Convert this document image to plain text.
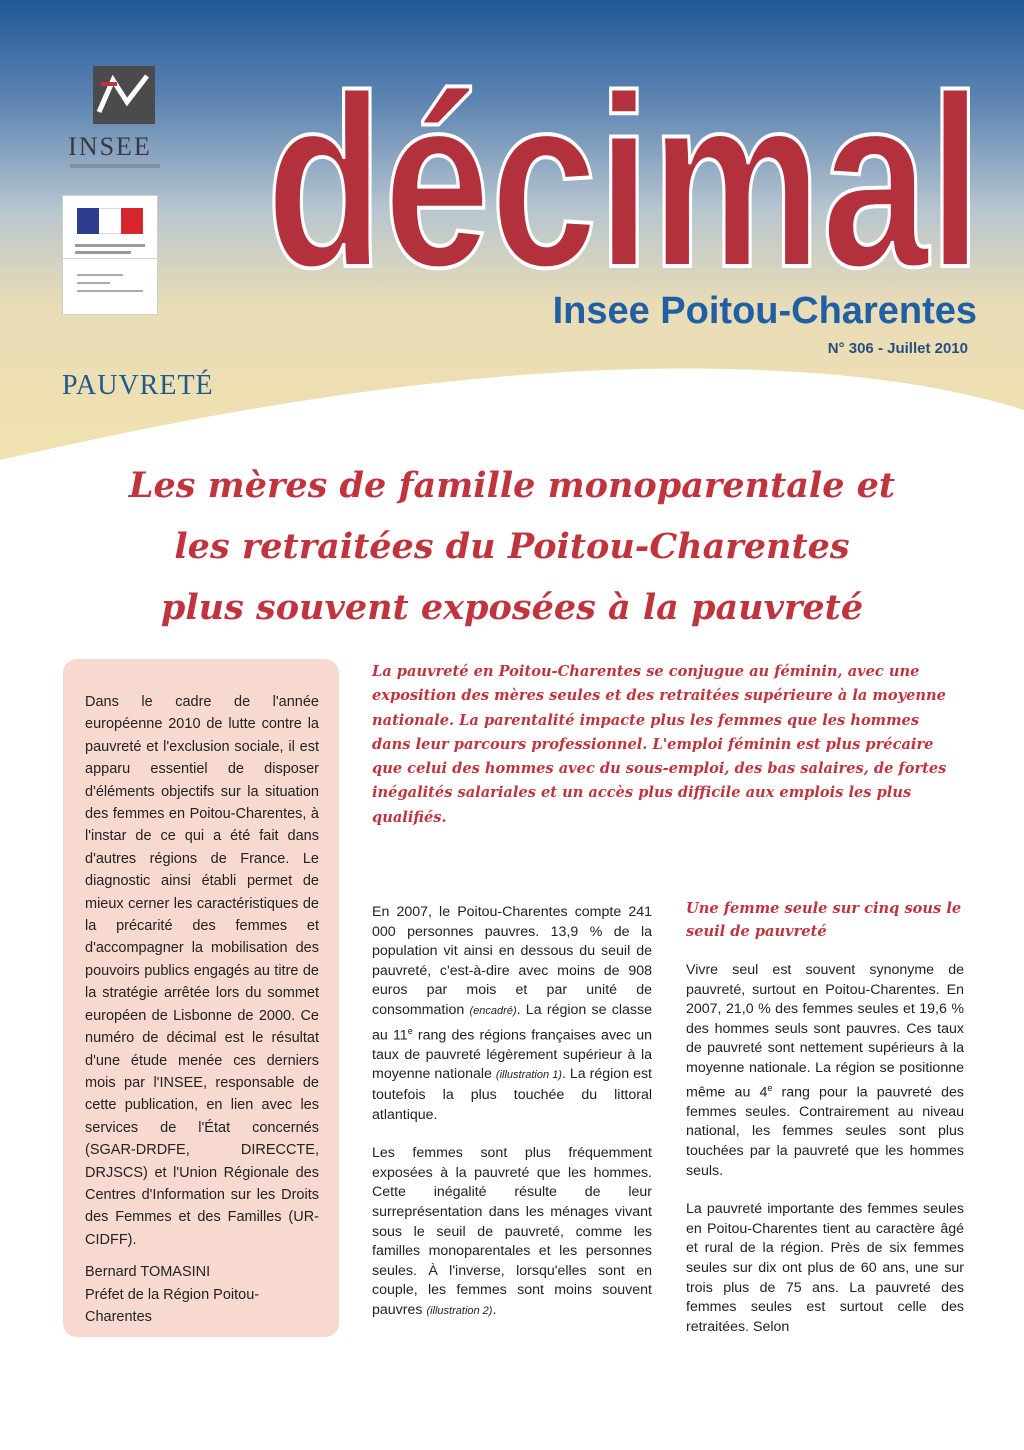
INSEE décimal
Insee Poitou-Charentes
N° 306 - Juillet 2010
PAUVRETÉ
Les mères de famille monoparentale et
les retraitées du Poitou-Charentes
plus souvent exposées à la pauvreté

Dans le cadre de l'année européenne 2010 de lutte contre la pauvreté et l'exclusion sociale, il est apparu essentiel de disposer d'éléments objectifs sur la situation des femmes en Poitou-Charentes, à l'instar de ce qui a été fait dans d'autres régions de France. Le diagnostic ainsi établi permet de mieux cerner les caractéristiques de la précarité des femmes et d'accompagner la mobilisation des pouvoirs publics engagés au titre de la stratégie arrêtée lors du sommet européen de Lisbonne de 2000. Ce numéro de décimal est le résultat d'une étude menée ces derniers mois par l'INSEE, responsable de cette publication, en lien avec les services de l'État concernés (SGAR-DRDFE, DIRECCTE, DRJSCS) et l'Union Régionale des Centres d'Information sur les Droits des Femmes et des Familles (UR-CIDFF).

Bernard TOMASINI

Préfet de la Région Poitou-Charentes

La pauvreté en Poitou-Charentes se conjugue au féminin, avec une exposition des mères seules et des retraitées supérieure à la moyenne nationale. La parentalité impacte plus les femmes que les hommes dans leur parcours professionnel. L'emploi féminin est plus précaire que celui des hommes avec du sous-emploi, des bas salaires, de fortes inégalités salariales et un accès plus difficile aux emplois les plus qualifiés.

En 2007, le Poitou-Charentes compte 241 000 personnes pauvres. 13,9 % de la population vit ainsi en dessous du seuil de pauvreté, c'est-à-dire avec moins de 908 euros par mois et par unité de consommation (encadré). La région se classe au 11e rang des régions françaises avec un taux de pauvreté légèrement supérieur à la moyenne nationale (illustration 1). La région est toutefois la plus touchée du littoral atlantique.

Les femmes sont plus fréquemment exposées à la pauvreté que les hommes. Cette inégalité résulte de leur surreprésentation dans les ménages vivant sous le seuil de pauvreté, comme les familles monoparentales et les personnes seules. À l'inverse, lorsqu'elles sont en couple, les femmes sont moins souvent pauvres (illustration 2).

Une femme seule sur cinq sous le seuil de pauvreté

Vivre seul est souvent synonyme de pauvreté, surtout en Poitou-Charentes. En 2007, 21,0 % des femmes seules et 19,6 % des hommes seuls sont pauvres. Ces taux de pauvreté sont nettement supérieurs à la moyenne nationale. La région se positionne même au 4e rang pour la pauvreté des femmes seules. Contrairement au niveau national, les femmes seules sont plus touchées par la pauvreté que les hommes seuls.

La pauvreté importante des femmes seules en Poitou-Charentes tient au caractère âgé et rural de la région. Près de six femmes seules sur dix ont plus de 60 ans, une sur trois plus de 75 ans. La pauvreté des femmes seules est surtout celle des retraitées. Selon
